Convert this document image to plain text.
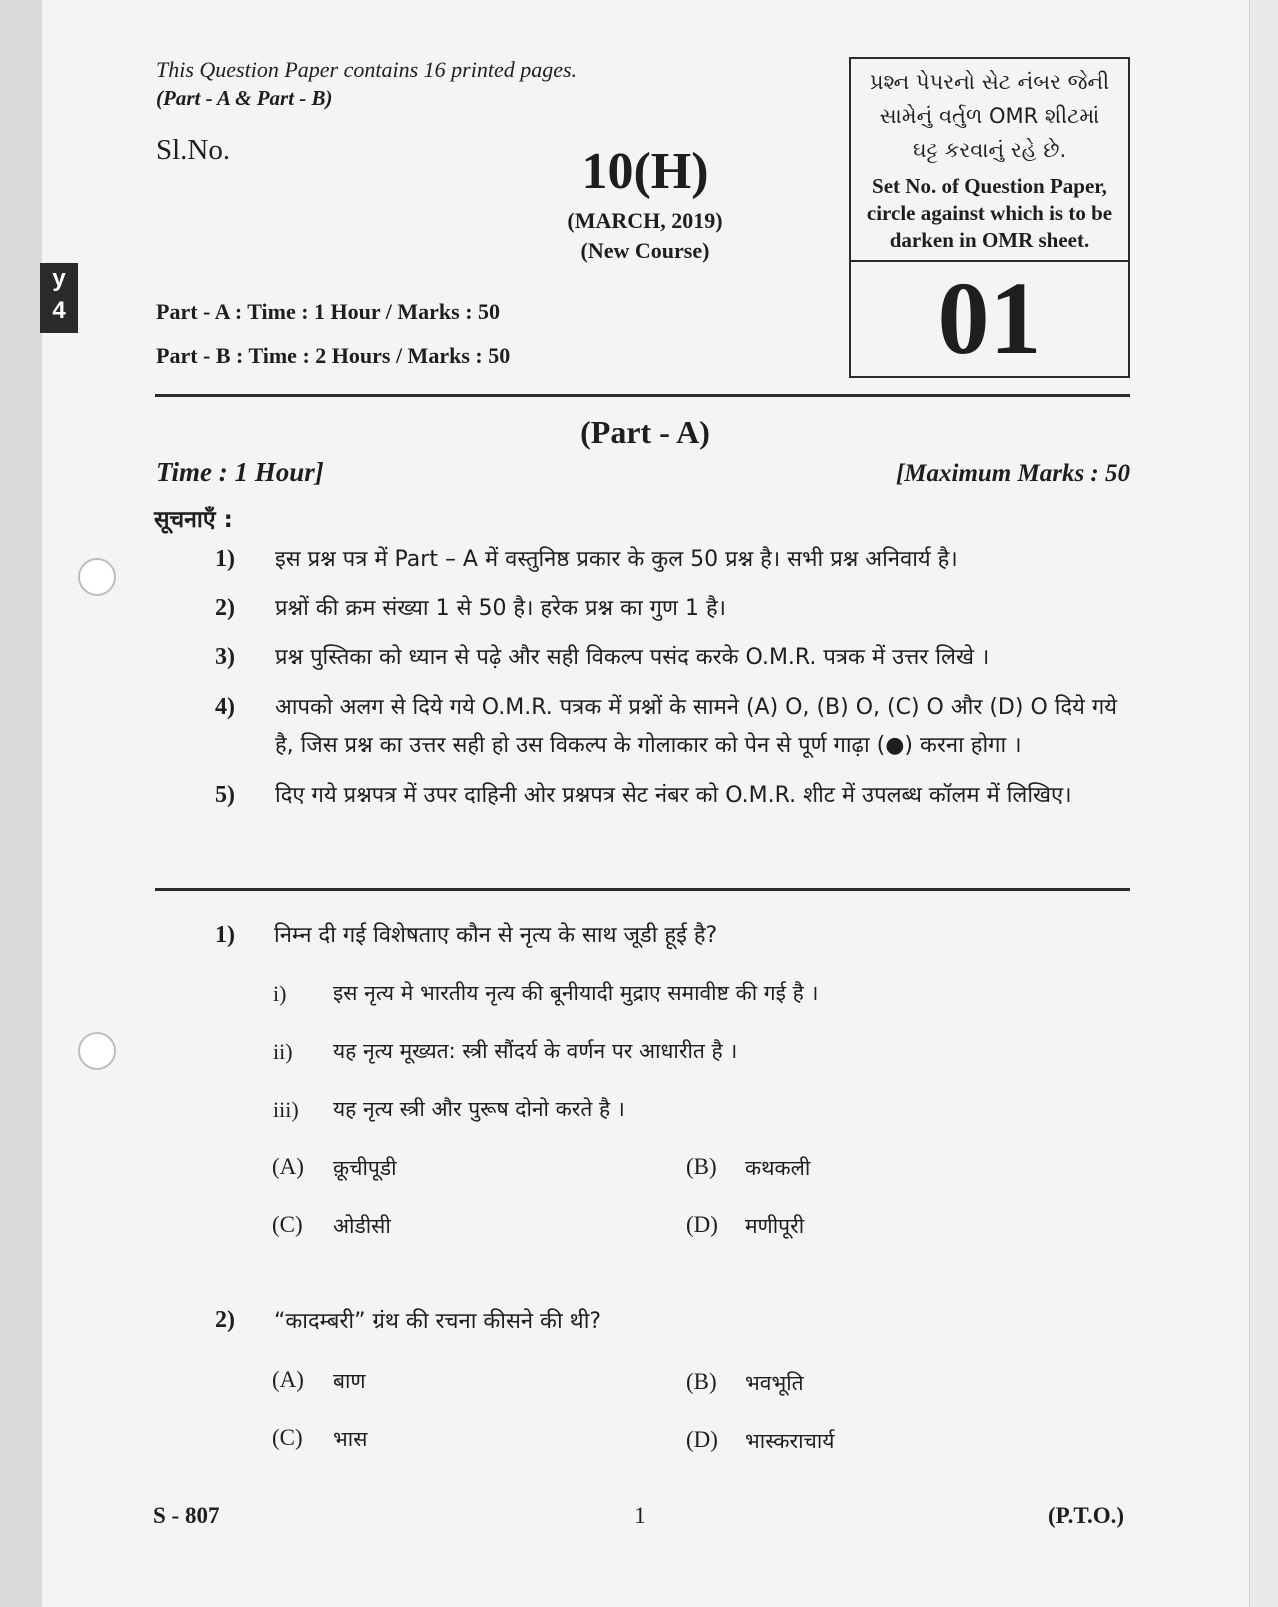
y
4
This Question Paper contains 16 printed pages.
(Part - A & Part - B)
Sl.No.	10(H)
(MARCH, 2019)
(New Course)
Part - A : Time : 1 Hour / Marks : 50
Part - B : Time : 2 Hours / Marks : 50
પ્રશ્ન પેપરનો સેટ નંબર જેની
સામેનું વર્તુળ OMR શીટમાં
ઘટ્ટ કરવાનું રહે છે.
Set No. of Question Paper,
circle against which is to be
darken in OMR sheet.
01
(Part - A)
Time : 1 Hour]	[Maximum Marks : 50
सूचनाएँ :
1) इस प्रश्न पत्र में Part – A में वस्तुनिष्ठ प्रकार के कुल 50 प्रश्न है। सभी प्रश्न अनिवार्य है।
2) प्रश्नों की क्रम संख्या 1 से 50 है। हरेक प्रश्न का गुण 1 है।
3) प्रश्न पुस्तिका को ध्यान से पढ़े और सही विकल्प पसंद करके O.M.R. पत्रक में उत्तर लिखे ।
4) आपको अलग से दिये गये O.M.R. पत्रक में प्रश्नों के सामने (A) O, (B) O, (C) O और (D) O दिये गये है, जिस प्रश्न का उत्तर सही हो उस विकल्प के गोलाकार को पेन से पूर्ण गाढ़ा (●) करना होगा ।
5) दिए गये प्रश्नपत्र में उपर दाहिनी ओर प्रश्नपत्र सेट नंबर को O.M.R. शीट में उपलब्ध कॉलम में लिखिए।
1) निम्न दी गई विशेषताए कौन से नृत्य के साथ जूडी हूई है?
i) इस नृत्य मे भारतीय नृत्य की बूनीयादी मुद्राए समावीष्ट की गई है ।
ii) यह नृत्य मूख्यत: स्त्री सौंदर्य के वर्णन पर आधारीत है ।
iii) यह नृत्य स्त्री और पुरूष दोनो करते है ।
(A) क़ूचीपूडी	(B) कथकली
(C) ओडीसी	(D) मणीपूरी
2) “कादम्बरी” ग्रंथ की रचना कीसने की थी?
(A) बाण	(B) भवभूति
(C) भास	(D) भास्कराचार्य
S - 807	1	(P.T.O.)
